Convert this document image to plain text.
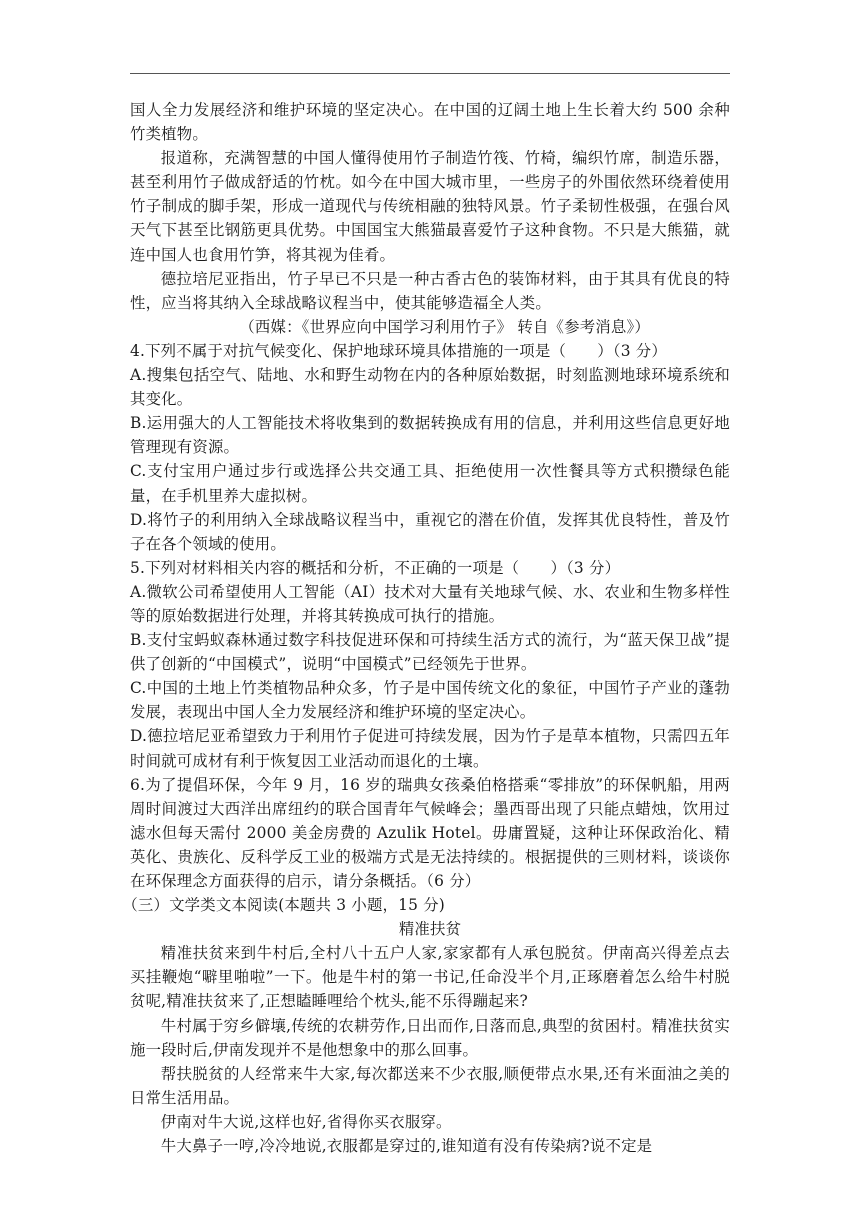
国人全力发展经济和维护环境的坚定决心。在中国的辽阔土地上生长着大约 500 余种竹类植物。

报道称，充满智慧的中国人懂得使用竹子制造竹筏、竹椅，编织竹席，制造乐器，甚至利用竹子做成舒适的竹枕。如今在中国大城市里，一些房子的外围依然环绕着使用竹子制成的脚手架，形成一道现代与传统相融的独特风景。竹子柔韧性极强，在强台风天气下甚至比钢筋更具优势。中国国宝大熊猫最喜爱竹子这种食物。不只是大熊猫，就连中国人也食用竹笋，将其视为佳肴。

德拉培尼亚指出，竹子早已不只是一种古香古色的装饰材料，由于其具有优良的特性，应当将其纳入全球战略议程当中，使其能够造福全人类。

（西媒：《世界应向中国学习利用竹子》 转自《参考消息》）

4.下列不属于对抗气候变化、保护地球环境具体措施的一项是（　　）（3 分）

A.搜集包括空气、陆地、水和野生动物在内的各种原始数据，时刻监测地球环境系统和其变化。

B.运用强大的人工智能技术将收集到的数据转换成有用的信息，并利用这些信息更好地管理现有资源。

C.支付宝用户通过步行或选择公共交通工具、拒绝使用一次性餐具等方式积攒绿色能量，在手机里养大虚拟树。

D.将竹子的利用纳入全球战略议程当中，重视它的潜在价值，发挥其优良特性，普及竹子在各个领域的使用。

5.下列对材料相关内容的概括和分析，不正确的一项是（　　）（3 分）

A.微软公司希望使用人工智能（AI）技术对大量有关地球气候、水、农业和生物多样性等的原始数据进行处理，并将其转换成可执行的措施。

B.支付宝蚂蚁森林通过数字科技促进环保和可持续生活方式的流行，为“蓝天保卫战”提供了创新的“中国模式”，说明“中国模式”已经领先于世界。

C.中国的土地上竹类植物品种众多，竹子是中国传统文化的象征，中国竹子产业的蓬勃发展，表现出中国人全力发展经济和维护环境的坚定决心。

D.德拉培尼亚希望致力于利用竹子促进可持续发展，因为竹子是草本植物，只需四五年时间就可成材有利于恢复因工业活动而退化的土壤。

6.为了提倡环保，今年 9 月，16 岁的瑞典女孩桑伯格搭乘“零排放”的环保帆船，用两周时间渡过大西洋出席纽约的联合国青年气候峰会；墨西哥出现了只能点蜡烛，饮用过滤水但每天需付 2000 美金房费的 Azulik Hotel。毋庸置疑，这种让环保政治化、精英化、贵族化、反科学反工业的极端方式是无法持续的。根据提供的三则材料，谈谈你在环保理念方面获得的启示，请分条概括。（6 分）

（三）文学类文本阅读(本题共 3 小题，15 分)

精准扶贫

精准扶贫来到牛村后,全村八十五户人家,家家都有人承包脱贫。伊南高兴得差点去买挂鞭炮“噼里啪啦”一下。他是牛村的第一书记,任命没半个月,正琢磨着怎么给牛村脱贫呢,精准扶贫来了,正想瞌睡哩给个枕头,能不乐得蹦起来?

牛村属于穷乡僻壤,传统的农耕劳作,日出而作,日落而息,典型的贫困村。精准扶贫实施一段时后,伊南发现并不是他想象中的那么回事。

帮扶脱贫的人经常来牛大家,每次都送来不少衣服,顺便带点水果,还有米面油之美的日常生活用品。

伊南对牛大说,这样也好,省得你买衣服穿。

牛大鼻子一哼,冷冷地说,衣服都是穿过的,谁知道有没有传染病?说不定是
